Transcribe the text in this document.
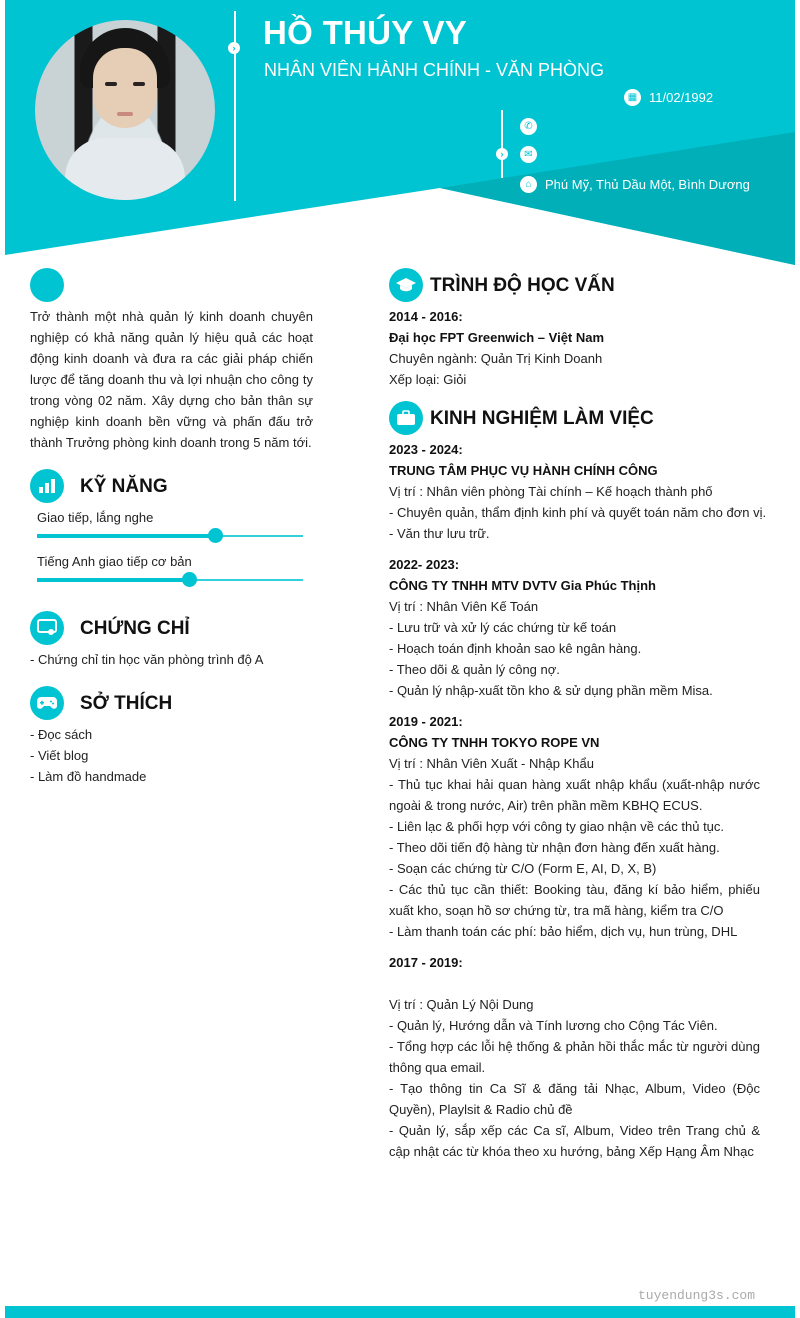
› HỒ THÚY VY
NHÂN VIÊN HÀNH CHÍNH - VĂN PHÒNG
›
▦ 11/02/1992
✆
✉
⌂	Phú Mỹ, Thủ Dầu Một, Bình Dương
Trở thành một nhà quản lý kinh doanh chuyên nghiệp có khả năng quản lý hiệu quả các hoạt động kinh doanh và đưa ra các giải pháp chiến lược để tăng doanh thu và lợi nhuận cho công ty trong vòng 02 năm. Xây dựng cho bản thân sự nghiệp kinh doanh bền vững và phấn đấu trở thành Trưởng phòng kinh doanh trong 5 năm tới.
KỸ NĂNG
Giao tiếp, lắng nghe
Tiếng Anh giao tiếp cơ bản
CHỨNG CHỈ
- Chứng chỉ tin học văn phòng trình độ A
SỞ THÍCH
- Đọc sách
- Viết blog
- Làm đồ handmade
TRÌNH ĐỘ HỌC VẤN
2014 - 2016:
Đại học FPT Greenwich – Việt Nam
Chuyên ngành: Quản Trị Kinh Doanh
Xếp loại: Giỏi
KINH NGHIỆM LÀM VIỆC
2023 - 2024:
TRUNG TÂM PHỤC VỤ HÀNH CHÍNH CÔNG
Vị trí : Nhân viên phòng Tài chính – Kế hoạch thành phố
- Chuyên quản, thẩm định kinh phí và quyết toán năm cho đơn vị.
- Văn thư lưu trữ.
2022- 2023:
CÔNG TY TNHH MTV DVTV Gia Phúc Thịnh
Vị trí : Nhân Viên Kế Toán
- Lưu trữ và xử lý các chứng từ kế toán
- Hoạch toán định khoản sao kê ngân hàng.
- Theo dõi & quản lý công nợ.
- Quản lý nhập-xuất tồn kho & sử dụng phần mềm Misa.
2019 - 2021:
CÔNG TY TNHH TOKYO ROPE VN
Vị trí : Nhân Viên Xuất - Nhập Khẩu
- Thủ tục khai hải quan hàng xuất nhập khẩu (xuất-nhập nước ngoài & trong nước, Air) trên phần mềm KBHQ ECUS.
- Liên lạc & phối hợp với công ty giao nhận về các thủ tục.
- Theo dõi tiến độ hàng từ nhận đơn hàng đến xuất hàng.
- Soạn các chứng từ C/O (Form E, AI, D, X, B)
- Các thủ tục cần thiết: Booking tàu, đăng kí bảo hiểm, phiếu xuất kho, soạn hồ sơ chứng từ, tra mã hàng, kiểm tra C/O
- Làm thanh toán các phí: bảo hiểm, dịch vụ, hun trùng, DHL
2017 - 2019:
Vị trí : Quản Lý Nội Dung
- Quản lý, Hướng dẫn và Tính lương cho Cộng Tác Viên.
- Tổng hợp các lỗi hệ thống & phản hồi thắc mắc từ người dùng thông qua email.
- Tạo thông tin Ca Sĩ & đăng tải Nhạc, Album, Video (Độc Quyền), Playlsit & Radio chủ đề
- Quản lý, sắp xếp các Ca sĩ, Album, Video trên Trang chủ & cập nhật các từ khóa theo xu hướng, bảng Xếp Hạng Âm Nhạc
tuyendung3s.com
